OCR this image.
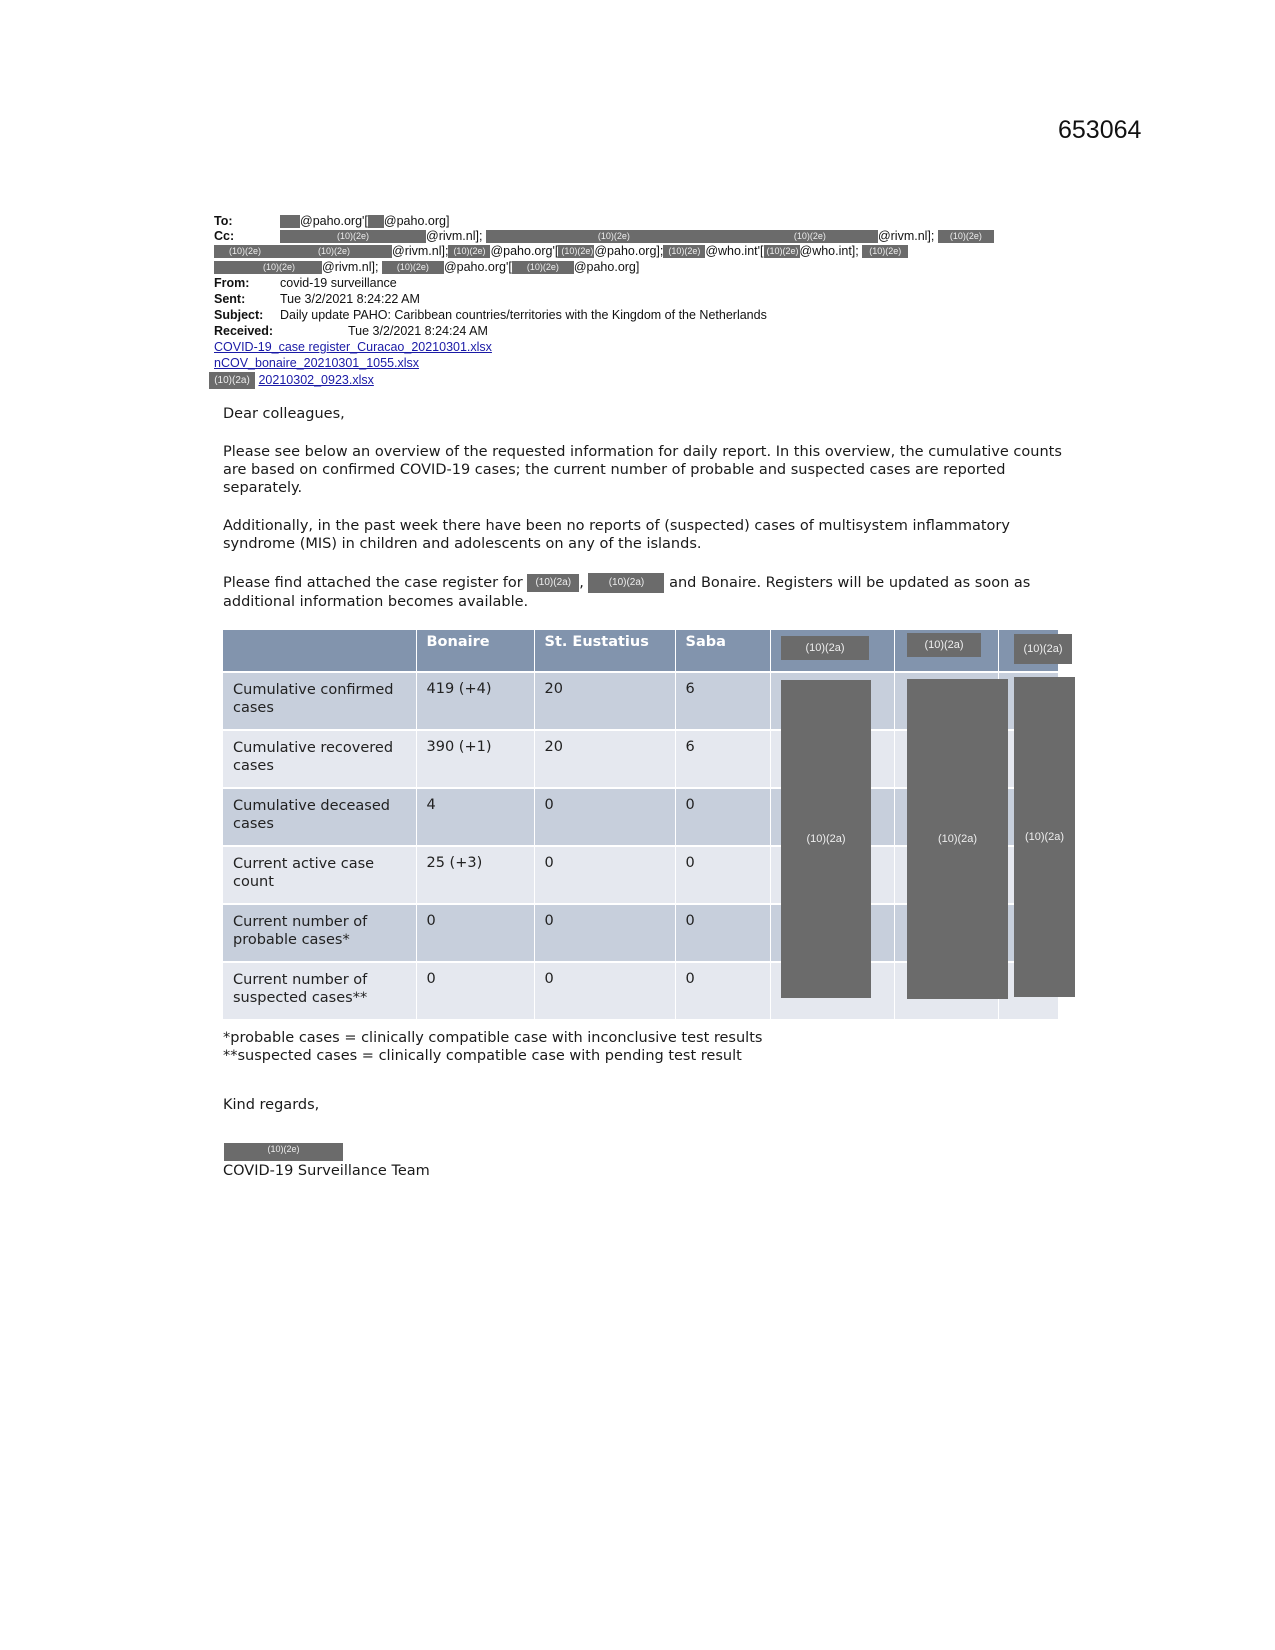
653064
To:	@paho.org'[ @paho.org]
Cc:	(10)(2e)	@rivm.nl];	(10)(2e)	(10)(2e)	@rivm.nl]; (10)(2e)
(10)(2e)	(10)(2e)	@rivm.nl]; (10)(2e) @paho.org'[ (10)(2e)@paho.org]; (10)(2e) @who.int'[ (10)(2e)@who.int]; (10)(2e)
(10)(2e) @rivm.nl]; (10)(2e) @paho.org'[ (10)(2e) @paho.org]
From: covid-19 surveillance
Sent:	Tue 3/2/2021 8:24:22 AM
Subject: Daily update PAHO: Caribbean countries/territories with the Kingdom of the Netherlands
Received:	Tue 3/2/2021 8:24:24 AM
COVID-19_case register_Curacao_20210301.xlsx
nCOV_bonaire_20210301_1055.xlsx
(10)(2a) 20210302_0923.xlsx

Dear colleagues,

Please see below an overview of the requested information for daily report. In this overview, the cumulative counts are based on confirmed COVID-19 cases; the current number of probable and suspected cases are reported separately.

Additionally, in the past week there have been no reports of (suspected) cases of multisystem inflammatory syndrome (MIS) in children and adolescents on any of the islands.

Please find attached the case register for (10)(2a) , (10)(2a) and Bonaire. Registers will be updated as soon as additional information becomes available.

	Bonaire	St. Eustatius	Saba			
Cumulative confirmed cases	419 (+4)	20	6			
Cumulative recovered cases	390 (+1)	20	6			
Cumulative deceased cases	4	0	0			
Current active case count	25 (+3)	0	0			
Current number of probable cases*	0	0	0			
Current number of suspected cases**	0	0	0			
(10)(2a)	(10)(2a)	(10)(2a)
(10)(2a)	(10)(2a)	(10)(2a)

*probable cases = clinically compatible case with inconclusive test results

**suspected cases = clinically compatible case with pending test result

Kind regards,

(10)(2e)

COVID-19 Surveillance Team
